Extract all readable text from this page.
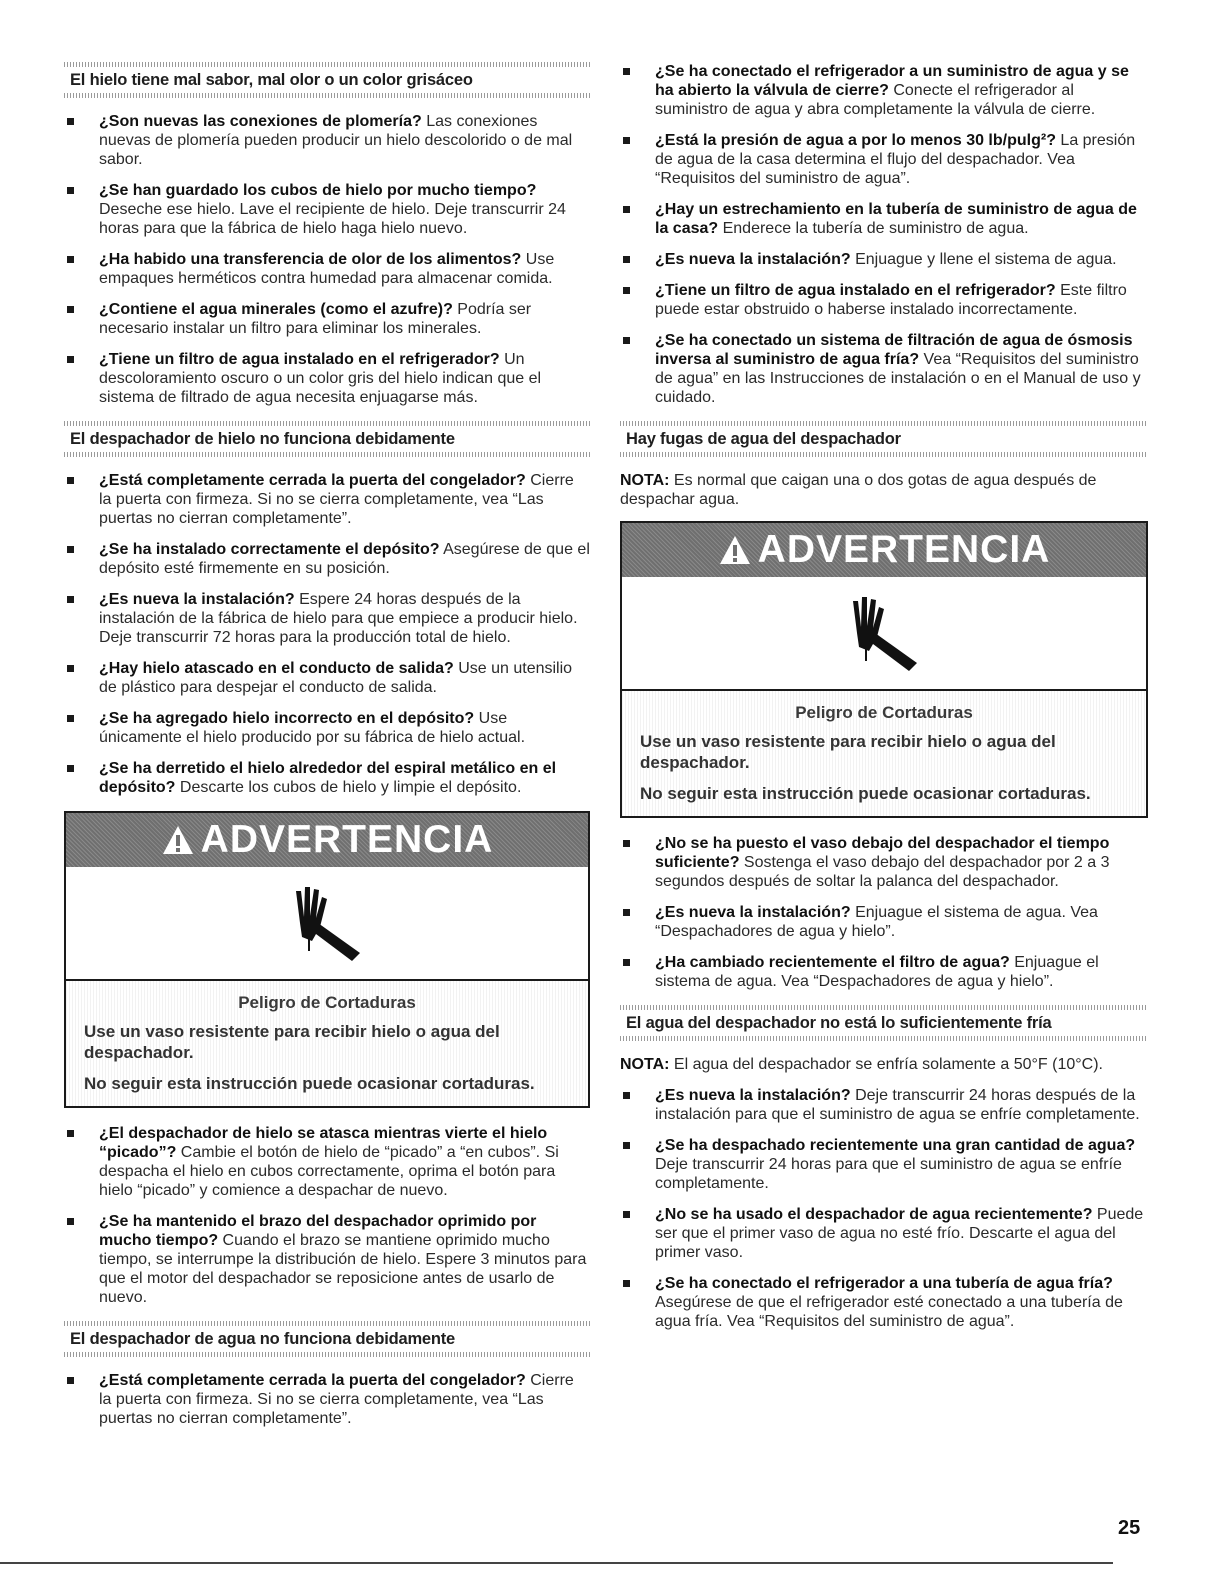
El hielo tiene mal sabor, mal olor o un color grisáceo
¿Son nuevas las conexiones de plomería? Las conexiones nuevas de plomería pueden producir un hielo descolorido o de mal sabor.
¿Se han guardado los cubos de hielo por mucho tiempo? Deseche ese hielo. Lave el recipiente de hielo. Deje transcurrir 24 horas para que la fábrica de hielo haga hielo nuevo.
¿Ha habido una transferencia de olor de los alimentos? Use empaques herméticos contra humedad para almacenar comida.
¿Contiene el agua minerales (como el azufre)? Podría ser necesario instalar un filtro para eliminar los minerales.
¿Tiene un filtro de agua instalado en el refrigerador? Un descoloramiento oscuro o un color gris del hielo indican que el sistema de filtrado de agua necesita enjuagarse más.
El despachador de hielo no funciona debidamente
¿Está completamente cerrada la puerta del congelador? Cierre la puerta con firmeza. Si no se cierra completamente, vea “Las puertas no cierran completamente”.
¿Se ha instalado correctamente el depósito? Asegúrese de que el depósito esté firmemente en su posición.
¿Es nueva la instalación? Espere 24 horas después de la instalación de la fábrica de hielo para que empiece a producir hielo. Deje transcurrir 72 horas para la producción total de hielo.
¿Hay hielo atascado en el conducto de salida? Use un utensilio de plástico para despejar el conducto de salida.
¿Se ha agregado hielo incorrecto en el depósito? Use únicamente el hielo producido por su fábrica de hielo actual.
¿Se ha derretido el hielo alrededor del espiral metálico en el depósito? Descarte los cubos de hielo y limpie el depósito.
ADVERTENCIA
Peligro de Cortaduras
Use un vaso resistente para recibir hielo o agua del despachador.
No seguir esta instrucción puede ocasionar cortaduras.
¿El despachador de hielo se atasca mientras vierte el hielo “picado”? Cambie el botón de hielo de “picado” a “en cubos”. Si despacha el hielo en cubos correctamente, oprima el botón para hielo “picado” y comience a despachar de nuevo.
¿Se ha mantenido el brazo del despachador oprimido por mucho tiempo? Cuando el brazo se mantiene oprimido mucho tiempo, se interrumpe la distribución de hielo. Espere 3 minutos para que el motor del despachador se reposicione antes de usarlo de nuevo.
El despachador de agua no funciona debidamente
¿Está completamente cerrada la puerta del congelador? Cierre la puerta con firmeza. Si no se cierra completamente, vea “Las puertas no cierran completamente”.
¿Se ha conectado el refrigerador a un suministro de agua y se ha abierto la válvula de cierre? Conecte el refrigerador al suministro de agua y abra completamente la válvula de cierre.
¿Está la presión de agua a por lo menos 30 lb/pulg²? La presión de agua de la casa determina el flujo del despachador. Vea “Requisitos del suministro de agua”.
¿Hay un estrechamiento en la tubería de suministro de agua de la casa? Enderece la tubería de suministro de agua.
¿Es nueva la instalación? Enjuague y llene el sistema de agua.
¿Tiene un filtro de agua instalado en el refrigerador? Este filtro puede estar obstruido o haberse instalado incorrectamente.
¿Se ha conectado un sistema de filtración de agua de ósmosis inversa al suministro de agua fría? Vea “Requisitos del suministro de agua” en las Instrucciones de instalación o en el Manual de uso y cuidado.
Hay fugas de agua del despachador

NOTA: Es normal que caigan una o dos gotas de agua después de despachar agua.

ADVERTENCIA
Peligro de Cortaduras
Use un vaso resistente para recibir hielo o agua del despachador.
No seguir esta instrucción puede ocasionar cortaduras.
¿No se ha puesto el vaso debajo del despachador el tiempo suficiente? Sostenga el vaso debajo del despachador por 2 a 3 segundos después de soltar la palanca del despachador.
¿Es nueva la instalación? Enjuague el sistema de agua. Vea “Despachadores de agua y hielo”.
¿Ha cambiado recientemente el filtro de agua? Enjuague el sistema de agua. Vea “Despachadores de agua y hielo”.
El agua del despachador no está lo suficientemente fría

NOTA: El agua del despachador se enfría solamente a 50°F (10°C).

¿Es nueva la instalación? Deje transcurrir 24 horas después de la instalación para que el suministro de agua se enfríe completamente.
¿Se ha despachado recientemente una gran cantidad de agua? Deje transcurrir 24 horas para que el suministro de agua se enfríe completamente.
¿No se ha usado el despachador de agua recientemente? Puede ser que el primer vaso de agua no esté frío. Descarte el agua del primer vaso.
¿Se ha conectado el refrigerador a una tubería de agua fría? Asegúrese de que el refrigerador esté conectado a una tubería de agua fría. Vea “Requisitos del suministro de agua”.
25
